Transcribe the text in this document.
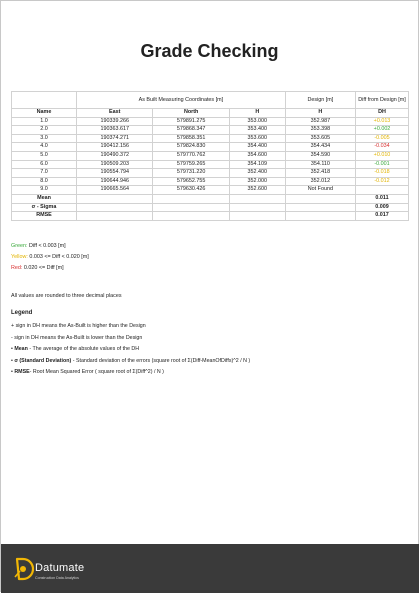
Grade Checking
	As Built Measuring Coordinates [m]			Design [m]	Diff from Design [m]
Name	East	North	H	H	DH
1.0	190339.266	579891.275	353.000	352.987	+0.013
2.0	190363.617	579868.347	353.400	353.398	+0.002
3.0	190374.271	579858.351	353.600	353.605	-0.005
4.0	190412.156	579824.830	354.400	354.434	-0.034
5.0	190490.372	579770.762	354.600	354.590	+0.010
6.0	190509.203	579759.265	354.109	354.110	-0.001
7.0	190554.794	579731.220	352.400	352.418	-0.018
8.0	190644.946	579652.755	352.000	352.012	-0.012
9.0	190665.564	579630.426	352.600	Not Found	
Mean					0.011
σ - Sigma					0.009
RMSE					0.017
Green: Diff < 0.003 [m]
Yellow: 0.003 <= Diff < 0.020 [m]
Red: 0.020 <= Diff [m]
All values are rounded to three decimal places
Legend
+ sign in DH means the As-Built is higher than the Design
- sign in DH means the As-Built is lower than the Design
• Mean - The average of the absolute values of the DH
• σ (Standard Deviation) - Standard deviation of the errors (square root of Σ(Diff-MeanOfDiffs)^2 / N )
• RMSE- Root Mean Squared Error ( square root of Σ(Diff^2) / N )
Datumate
Construction Data Analytics
